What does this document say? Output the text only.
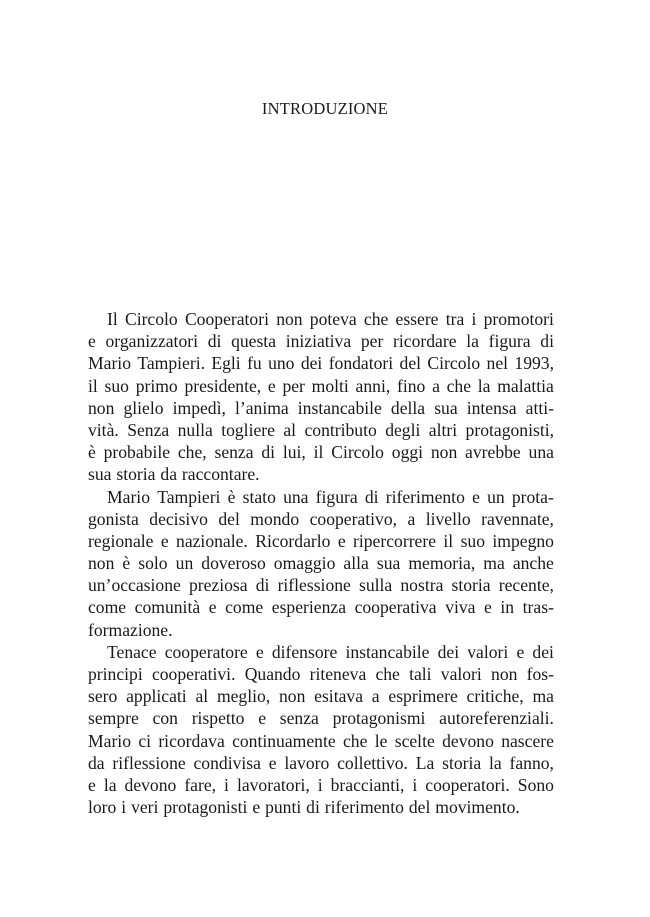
INTRODUZIONE
Il Circolo Cooperatori non poteva che essere tra i promotori
e organizzatori di questa iniziativa per ricordare la figura di
Mario Tampieri. Egli fu uno dei fondatori del Circolo nel 1993,
il suo primo presidente, e per molti anni, fino a che la malattia
non glielo impedì, l’anima instancabile della sua intensa atti-
vità. Senza nulla togliere al contributo degli altri protagonisti,
è probabile che, senza di lui, il Circolo oggi non avrebbe una
sua storia da raccontare.
Mario Tampieri è stato una figura di riferimento e un prota-
gonista decisivo del mondo cooperativo, a livello ravennate,
regionale e nazionale. Ricordarlo e ripercorrere il suo impegno
non è solo un doveroso omaggio alla sua memoria, ma anche
un’occasione preziosa di riflessione sulla nostra storia recente,
come comunità e come esperienza cooperativa viva e in tras-
formazione.
Tenace cooperatore e difensore instancabile dei valori e dei
principi cooperativi. Quando riteneva che tali valori non fos-
sero applicati al meglio, non esitava a esprimere critiche, ma
sempre con rispetto e senza protagonismi autoreferenziali.
Mario ci ricordava continuamente che le scelte devono nascere
da riflessione condivisa e lavoro collettivo. La storia la fanno,
e la devono fare, i lavoratori, i braccianti, i cooperatori. Sono
loro i veri protagonisti e punti di riferimento del movimento.
